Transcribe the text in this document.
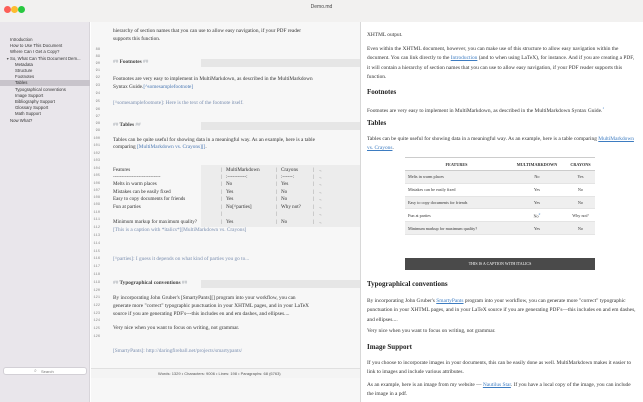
Demo.md
Introduction
How to Use This Document
Where Can I Get a Copy?
▼ So, What Can This Document Dem...
Metadata
Structure
Footnotes
Tables
Typographical conventions
Image Support
Bibliography Support
Glossary Support
Math Support
Now What?
⌕
Search
88
89
90
91
92
93
94
95
96
97
98
99
100
101
102
103
104
105
106
107
108
109
110
111
112
113
114
115
116
117
118
119
120
121
122
123
124
125
126
hierarchy of section names that you can use to allow easy navigation, if your PDF reader
supports this function.
## Footnotes ##
Footnotes are very easy to implement in MultiMarkdown, as described in the MultiMarkdown
Syntax Guide.[^somesamplefootnote]
[^somesamplefootnote]: Here is the text of the footnote itself.
## Tables ##
Tables can be quite useful for showing data in a meaningful way. As an example, here is a table
comparing [MultiMarkdown vs. Crayons][].
Features	MultiMarkdown	Crayons
|	|	| ¬
----------------------------	:-----------:	:------:
|	|	| ¬
Melts in warm places	No	Yes
|	|	| ¬
Mistakes can be easily fixed	Yes	No
|	|	| ¬
Easy to copy documents for friends	Yes	No
|	|	| ¬
Fun at parties	No[^parties]	Why not?
|	|	| ¬
|	|	| ¬
Minimum markup for maximum quality?	Yes	No
|	|	| ¬
[This is a caption with *italics*][MultiMarkdown vs. Crayons]
[^parties]: I guess it depends on what kind of parties you go to...
## Typographical conventions ##
By incorporating John Gruber's [SmartyPants][] program into your workflow, you can
generate more "correct" typographic punctuation in your XHTML pages, and in your LaTeX
source if you are generating PDF's---this includes en and em dashes, and ellipses....
Very nice when you want to focus on writing, not grammar.
[SmartyPants]: http://daringfireball.net/projects/smartypants/
Words: 1329 • Characters: 9006 • Lines: 198 • Paragraphs: 68 (6763)
XHTML output.
Even within the XHTML document, however, you can make use of this structure to allow easy navigation within the document. You can link directly to the Introduction (and to when using LaTeX), for instance. And if you are creating a PDF, it will contain a hierarchy of section names that you can use to allow easy navigation, if your PDF reader supports this function.
Footnotes
Footnotes are very easy to implement in MultiMarkdown, as described in the MultiMarkdown Syntax Guide.$^1$
Tables
Tables can be quite useful for showing data in a meaningful way. As an example, here is a table comparing MultiMarkdown vs. Crayons.
FEATURES	MULTIMARKDOWN	CRAYONS
Melts in warm places	No	Yes
Mistakes can be easily fixed	Yes	No
Easy to copy documents for friends	Yes	No
Fun at parties	No$^2$	Why not?
Minimum markup for maximum quality?	Yes	No
THIS IS A CAPTION WITH ITALICS
Typographical conventions
By incorporating John Gruber's SmartyPants program into your workflow, you can generate more "correct" typographic punctuation in your XHTML pages, and in your LaTeX source if you are generating PDF's—this includes en and em dashes, and ellipses....
Very nice when you want to focus on writing, not grammar.
Image Support
If you choose to incorporate images in your documents, this can be easily done as well. MultiMarkdown makes it easier to link to images and include various attributes.
As an example, here is an image from my website — Nautilus Star. If you have a local copy of the image, you can include the image in a pdf.
